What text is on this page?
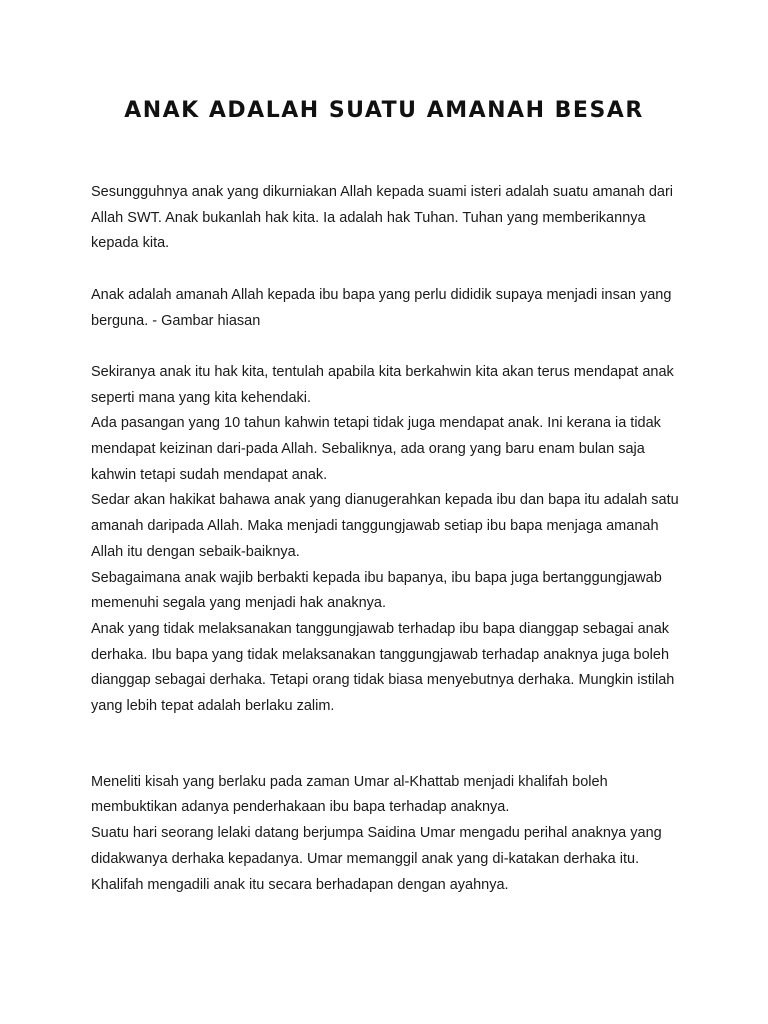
ANAK ADALAH SUATU AMANAH BESAR

Sesungguhnya anak yang dikurniakan Allah kepada suami isteri adalah suatu amanah dari Allah SWT. Anak bukanlah hak kita. Ia adalah hak Tuhan. Tuhan yang memberikannya kepada kita.

Anak adalah amanah Allah kepada ibu bapa yang perlu dididik supaya menjadi insan yang berguna. - Gambar hiasan

Sekiranya anak itu hak kita, tentulah apabila kita berkahwin kita akan terus mendapat anak seperti mana yang kita kehendaki.

Ada pasangan yang 10 tahun kahwin tetapi tidak juga mendapat anak. Ini kerana ia tidak mendapat keizinan dari-pada Allah. Sebaliknya, ada orang yang baru enam bulan saja kahwin tetapi sudah mendapat anak.

Sedar akan hakikat bahawa anak yang dianugerahkan kepada ibu dan bapa itu adalah satu amanah daripada Allah. Maka menjadi tanggungjawab setiap ibu bapa menjaga amanah Allah itu dengan sebaik-baiknya.

Sebagaimana anak wajib berbakti kepada ibu bapanya, ibu bapa juga bertanggungjawab memenuhi segala yang menjadi hak anaknya.

Anak yang tidak melaksanakan tanggungjawab terhadap ibu bapa dianggap sebagai anak derhaka. Ibu bapa yang tidak melaksanakan tanggungjawab terhadap anaknya juga boleh dianggap sebagai derhaka. Tetapi orang tidak biasa menyebutnya derhaka. Mungkin istilah yang lebih tepat adalah berlaku zalim.

Meneliti kisah yang berlaku pada zaman Umar al-Khattab menjadi khalifah boleh membuktikan adanya penderhakaan ibu bapa terhadap anaknya.

Suatu hari seorang lelaki datang berjumpa Saidina Umar mengadu perihal anaknya yang didakwanya derhaka kepadanya. Umar memanggil anak yang di-katakan derhaka itu. Khalifah mengadili anak itu secara berhadapan dengan ayahnya.
